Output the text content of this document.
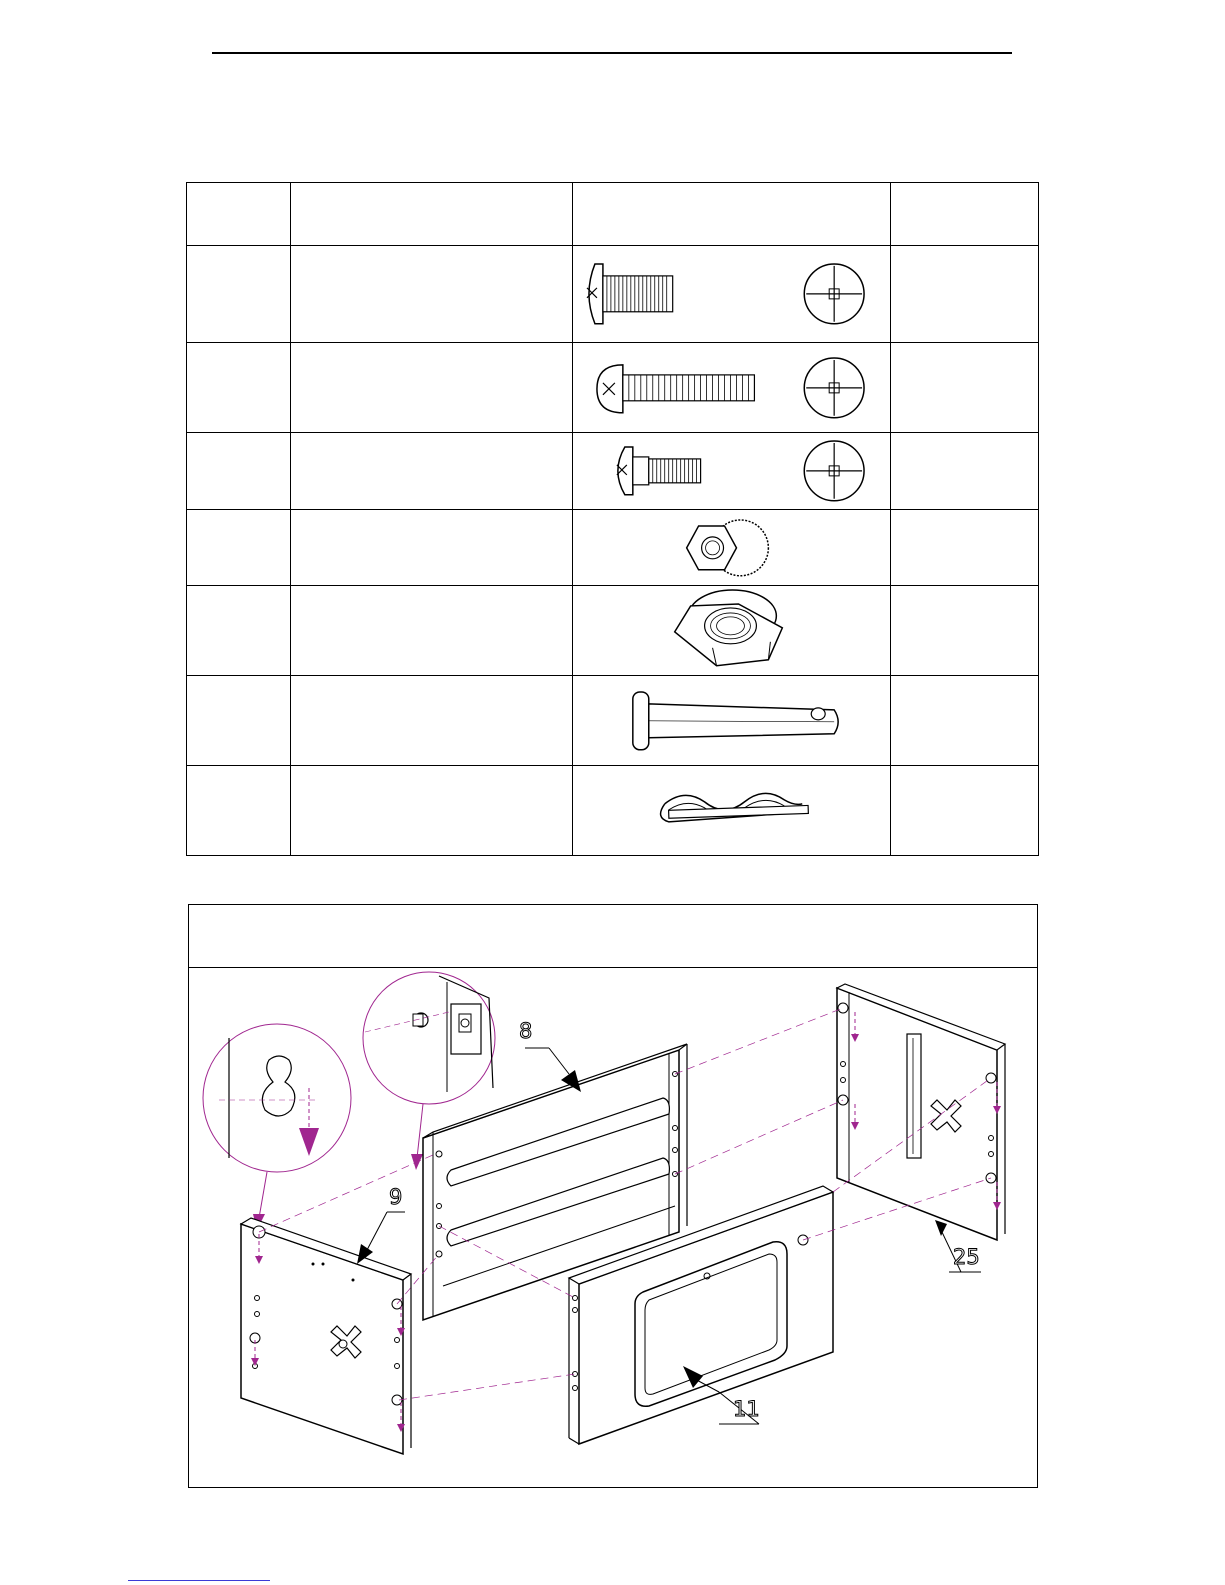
8
9
11
25
